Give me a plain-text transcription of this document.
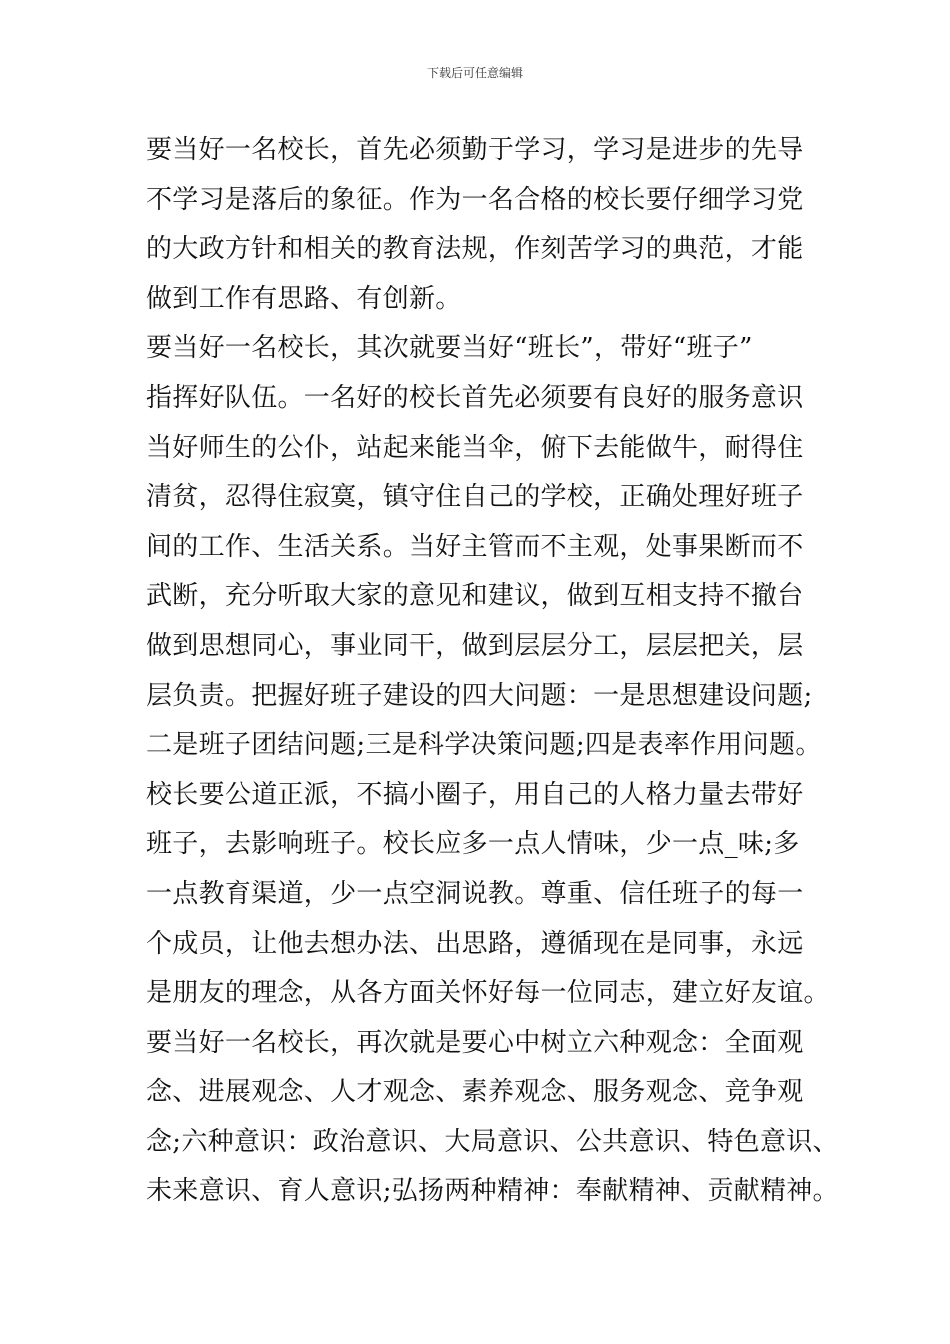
下载后可任意编辑
要当好一名校长，首先必须勤于学习，学习是进步的先导
不学习是落后的象征。作为一名合格的校长要仔细学习党
的大政方针和相关的教育法规，作刻苦学习的典范，才能
做到工作有思路、有创新。
要当好一名校长，其次就要当好“班长”，带好“班子”
指挥好队伍。一名好的校长首先必须要有良好的服务意识
当好师生的公仆，站起来能当伞，俯下去能做牛，耐得住
清贫，忍得住寂寞，镇守住自己的学校，正确处理好班子
间的工作、生活关系。当好主管而不主观，处事果断而不
武断，充分听取大家的意见和建议，做到互相支持不撤台
做到思想同心，事业同干，做到层层分工，层层把关，层
层负责。把握好班子建设的四大问题：一是思想建设问题;
二是班子团结问题;三是科学决策问题;四是表率作用问题。
校长要公道正派，不搞小圈子，用自己的人格力量去带好
班子，去影响班子。校长应多一点人情味，少一点_味;多
一点教育渠道，少一点空洞说教。尊重、信任班子的每一
个成员，让他去想办法、出思路，遵循现在是同事，永远
是朋友的理念，从各方面关怀好每一位同志，建立好友谊。
要当好一名校长，再次就是要心中树立六种观念：全面观
念、进展观念、人才观念、素养观念、服务观念、竞争观
念;六种意识：政治意识、大局意识、公共意识、特色意识、
未来意识、育人意识;弘扬两种精神：奉献精神、贡献精神。
